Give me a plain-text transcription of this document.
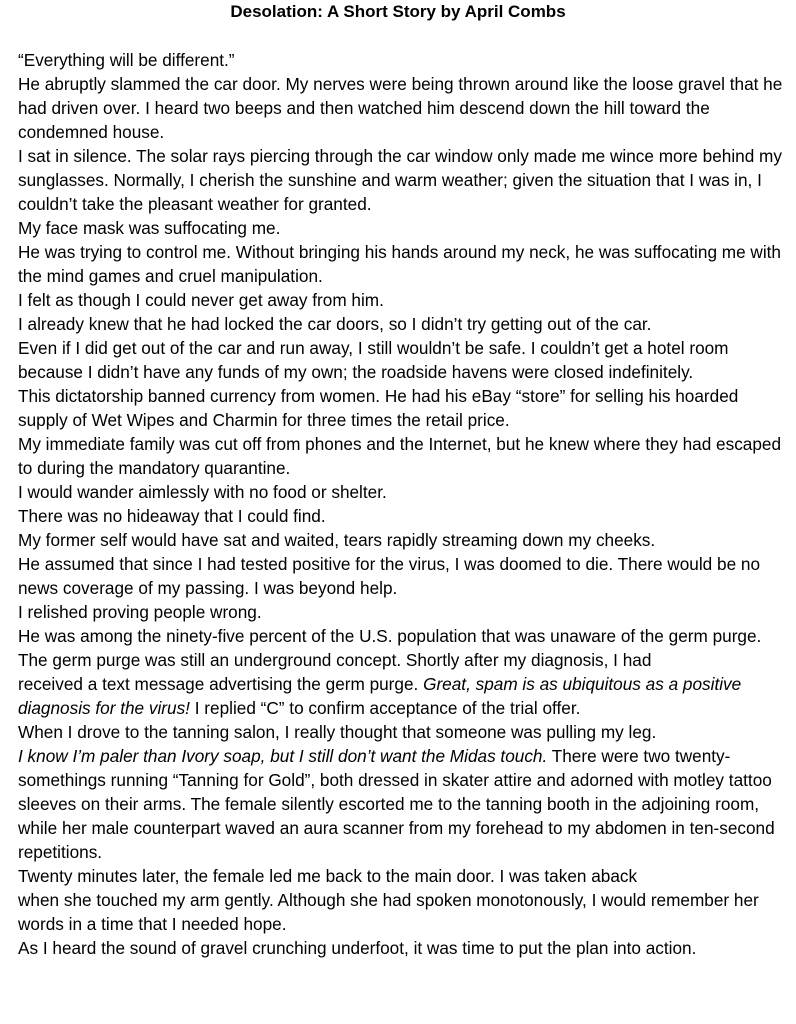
Desolation: A Short Story by April Combs

“Everything will be different.”

He abruptly slammed the car door. My nerves were being thrown around like the loose gravel that he had driven over. I heard two beeps and then watched him descend down the hill toward the condemned house.

I sat in silence. The solar rays piercing through the car window only made me wince more behind my sunglasses. Normally, I cherish the sunshine and warm weather; given the situation that I was in, I couldn’t take the pleasant weather for granted.

My face mask was suffocating me.

He was trying to control me. Without bringing his hands around my neck, he was suffocating me with the mind games and cruel manipulation.

I felt as though I could never get away from him.

I already knew that he had locked the car doors, so I didn’t try getting out of the car.

Even if I did get out of the car and run away, I still wouldn’t be safe. I couldn’t get a hotel room because I didn’t have any funds of my own; the roadside havens were closed indefinitely.

This dictatorship banned currency from women. He had his eBay “store” for selling his hoarded supply of Wet Wipes and Charmin for three times the retail price.

My immediate family was cut off from phones and the Internet, but he knew where they had escaped to during the mandatory quarantine.

I would wander aimlessly with no food or shelter.

There was no hideaway that I could find.

My former self would have sat and waited, tears rapidly streaming down my cheeks.

He assumed that since I had tested positive for the virus, I was doomed to die. There would be no news coverage of my passing. I was beyond help.

I relished proving people wrong.

He was among the ninety-five percent of the U.S. population that was unaware of the germ purge.

The germ purge was still an underground concept. Shortly after my diagnosis, I had

received a text message advertising the germ purge. Great, spam is as ubiquitous as a positive diagnosis for the virus! I replied “C” to confirm acceptance of the trial offer.

When I drove to the tanning salon, I really thought that someone was pulling my leg.

I know I’m paler than Ivory soap, but I still don’t want the Midas touch. There were two twenty-somethings running “Tanning for Gold”, both dressed in skater attire and adorned with motley tattoo sleeves on their arms. The female silently escorted me to the tanning booth in the adjoining room, while her male counterpart waved an aura scanner from my forehead to my abdomen in ten-second repetitions.

Twenty minutes later, the female led me back to the main door. I was taken aback

when she touched my arm gently. Although she had spoken monotonously, I would remember her words in a time that I needed hope.

As I heard the sound of gravel crunching underfoot, it was time to put the plan into action.
